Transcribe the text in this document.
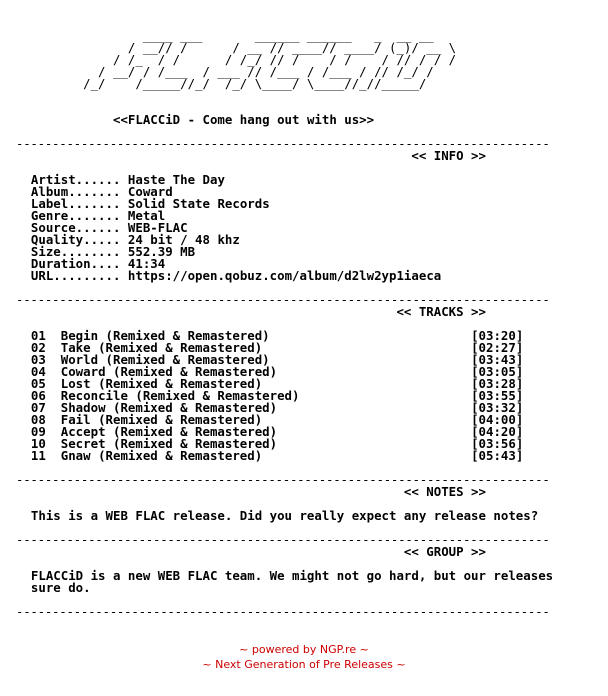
____ ___       ______ ______   _  __ __
/ __// /      / __ // ____// ____/ (_)/ __ \
/ /_  / /      / /_/ // /    / /    / // / / /
/ __/ / /___  / ___ // /___ / /___ / // /_/ /
/_/    /_____//_/  /_/ \____/ \____//_//_____/
<<FLACCiD - Come hang out with us>>
--------------------------------------------------------------------------
<< INFO >>
Artist...... Haste The Day
Album....... Coward
Label....... Solid State Records
Genre....... Metal
Source...... WEB-FLAC
Quality..... 24 bit / 48 khz
Size........ 552.39 MB
Duration.... 41:34
URL......... https://open.qobuz.com/album/d2lw2yp1iaeca
--------------------------------------------------------------------------
<< TRACKS >>
01 Begin (Remixed & Remastered)	[03:20]
02 Take (Remixed & Remastered)	[02:27]
03 World (Remixed & Remastered)	[03:43]
04 Coward (Remixed & Remastered)	[03:05]
05 Lost (Remixed & Remastered)	[03:28]
06 Reconcile (Remixed & Remastered)	[03:55]
07 Shadow (Remixed & Remastered)	[03:32]
08 Fail (Remixed & Remastered)	[04:00]
09 Accept (Remixed & Remastered)	[04:20]
10 Secret (Remixed & Remastered)	[03:56]
11 Gnaw (Remixed & Remastered)	[05:43]
--------------------------------------------------------------------------
<< NOTES >>
This is a WEB FLAC release. Did you really expect any release notes?
--------------------------------------------------------------------------
<< GROUP >>
FLACCiD is a new WEB FLAC team. We might not go hard, but our releases
sure do.
--------------------------------------------------------------------------
~ powered by NGP.re ~
~ Next Generation of Pre Releases ~
